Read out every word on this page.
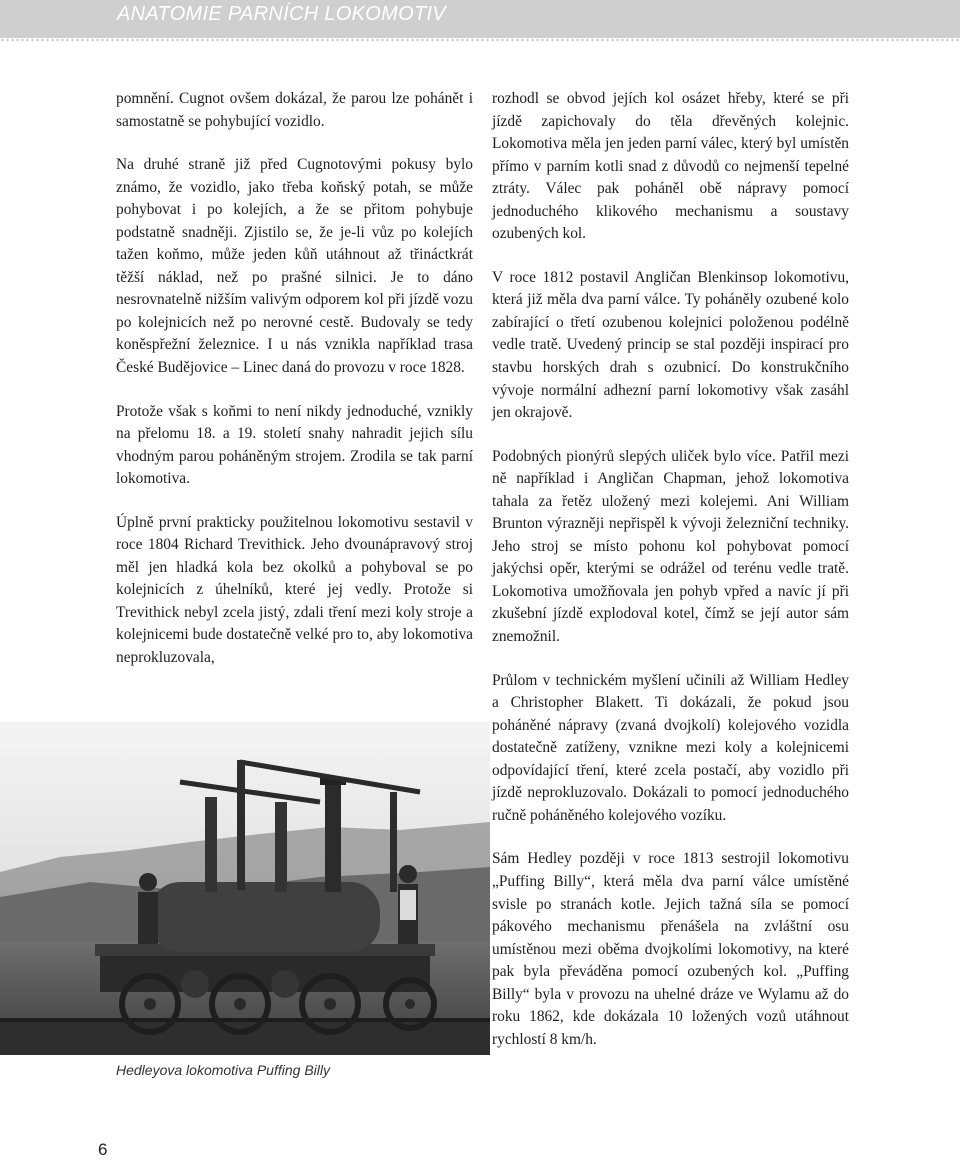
ANATOMIE PARNÍCH LOKOMOTIV

pomnění. Cugnot ovšem dokázal, že parou lze pohánět i samostatně se pohybující vozidlo.

Na druhé straně již před Cugnotovými pokusy bylo známo, že vozidlo, jako třeba koňský potah, se může pohybovat i po kolejích, a že se přitom pohybuje podstatně snadněji. Zjistilo se, že je-li vůz po kolejích tažen koňmo, může jeden kůň utáhnout až třináctkrát těžší náklad, než po prašné silnici. Je to dáno nesrovnatelně nižším valivým odporem kol při jízdě vozu po kolejnicích než po nerovné cestě. Budovaly se tedy koněspřežní železnice. I u nás vznikla například trasa České Budějovice – Linec daná do provozu v roce 1828.

Protože však s koňmi to není nikdy jednoduché, vznikly na přelomu 18. a 19. století snahy nahradit jejich sílu vhodným parou poháněným strojem. Zrodila se tak parní lokomotiva.

Úplně první prakticky použitelnou lokomotivu sestavil v roce 1804 Richard Trevithick. Jeho dvounápravový stroj měl jen hladká kola bez okolků a pohyboval se po kolejnicích z úhelníků, které jej vedly. Protože si Trevithick nebyl zcela jistý, zdali tření mezi koly stroje a kolejnicemi bude dostatečně velké pro to, aby lokomotiva neprokluzovala,

rozhodl se obvod jejích kol osázet hřeby, které se při jízdě zapichovaly do těla dřevěných kolejnic. Lokomotiva měla jen jeden parní válec, který byl umístěn přímo v parním kotli snad z důvodů co nejmenší tepelné ztráty. Válec pak poháněl obě nápravy pomocí jednoduchého klikového mechanismu a soustavy ozubených kol.

V roce 1812 postavil Angličan Blenkinsop lokomotivu, která již měla dva parní válce. Ty poháněly ozubené kolo zabírající o třetí ozubenou kolejnici položenou podélně vedle tratě. Uvedený princip se stal později inspirací pro stavbu horských drah s ozubnicí. Do konstrukčního vývoje normální adhezní parní lokomotivy však zasáhl jen okrajově.

Podobných pionýrů slepých uliček bylo více. Patřil mezi ně například i Angličan Chapman, jehož lokomotiva tahala za řetěz uložený mezi kolejemi. Ani William Brunton výrazněji nepřispěl k vývoji železniční techniky. Jeho stroj se místo pohonu kol pohybovat pomocí jakýchsi opěr, kterými se odrážel od terénu vedle tratě. Lokomotiva umožňovala jen pohyb vpřed a navíc jí při zkušební jízdě explodoval kotel, čímž se její autor sám znemožnil.

Průlom v technickém myšlení učinili až William Hedley a Christopher Blakett. Ti dokázali, že pokud jsou poháněné nápravy (zvaná dvojkolí) kolejového vozidla dostatečně zatíženy, vznikne mezi koly a kolejnicemi odpovídající tření, které zcela postačí, aby vozidlo při jízdě neprokluzovalo. Dokázali to pomocí jednoduchého ručně poháněného kolejového vozíku.

Sám Hedley později v roce 1813 sestrojil lokomotivu „Puffing Billy“, která měla dva parní válce umístěné svisle po stranách kotle. Jejich tažná síla se pomocí pákového mechanismu přenášela na zvláštní osu umístěnou mezi oběma dvojkolími lokomotivy, na které pak byla převáděna pomocí ozubených kol. „Puffing Billy“ byla v provozu na uhelné dráze ve Wylamu až do roku 1862, kde dokázala 10 ložených vozů utáhnout rychlostí 8 km/h.

Hedleyova lokomotiva Puffing Billy
6
